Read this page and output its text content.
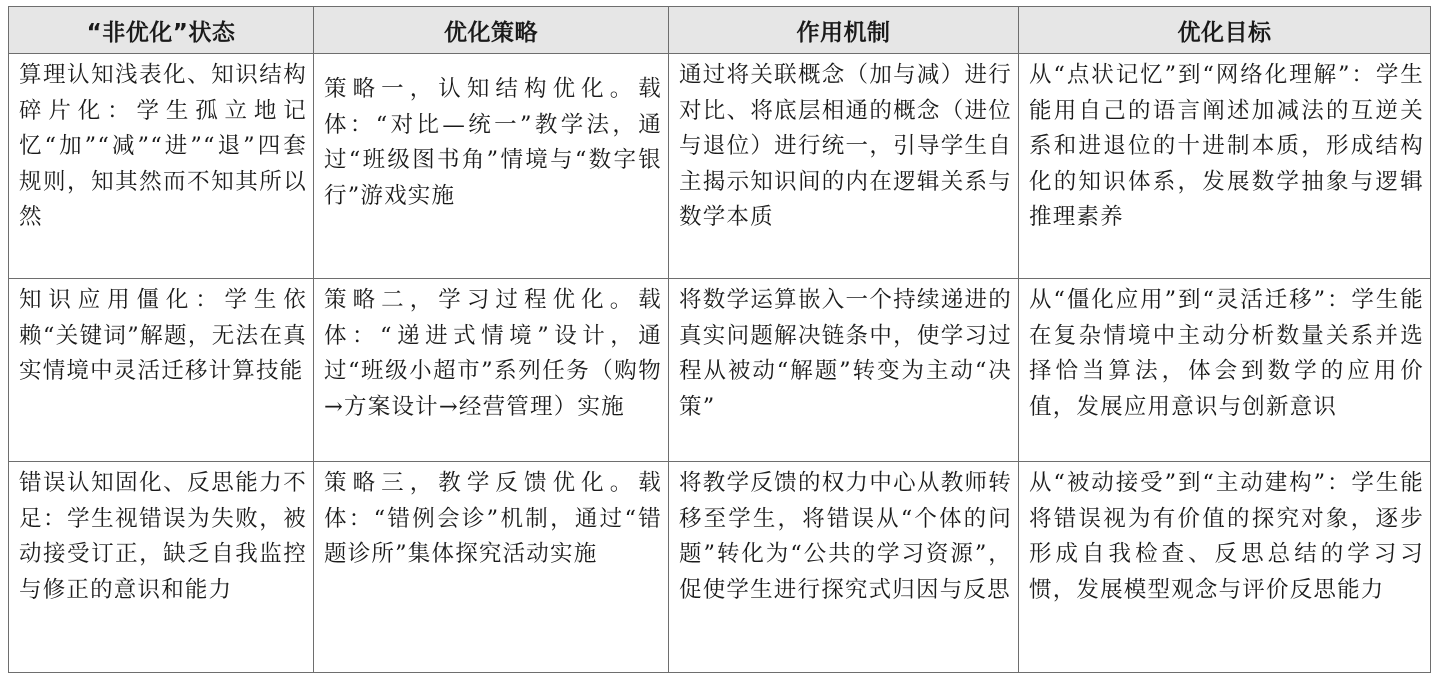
“非优化”状态	优化策略	作用机制	优化目标
算理认知浅表化、知识结构碎片化：学生孤立地记忆“加”“减”“进”“退”四套规则，知其然而不知其所以然	策略一，认知结构优化。载体：“对比—统一”教学法，通过“班级图书角”情境与“数字银行”游戏实施	通过将关联概念（加与减）进行对比、将底层相通的概念（进位与退位）进行统一，引导学生自主揭示知识间的内在逻辑关系与数学本质	从“点状记忆”到“网络化理解”：学生能用自己的语言阐述加减法的互逆关系和进退位的十进制本质，形成结构化的知识体系，发展数学抽象与逻辑推理素养
知识应用僵化：学生依赖“关键词”解题，无法在真实情境中灵活迁移计算技能	策略二，学习过程优化。载体：“递进式情境”设计，通过“班级小超市”系列任务（购物→方案设计→经营管理）实施	将数学运算嵌入一个持续递进的真实问题解决链条中，使学习过程从被动“解题”转变为主动“决策”	从“僵化应用”到“灵活迁移”：学生能在复杂情境中主动分析数量关系并选择恰当算法，体会到数学的应用价值，发展应用意识与创新意识
错误认知固化、反思能力不足：学生视错误为失败，被动接受订正，缺乏自我监控与修正的意识和能力	策略三，教学反馈优化。载体：“错例会诊”机制，通过“错题诊所”集体探究活动实施	将教学反馈的权力中心从教师转移至学生，将错误从“个体的问题”转化为“公共的学习资源”，促使学生进行探究式归因与反思	从“被动接受”到“主动建构”：学生能将错误视为有价值的探究对象，逐步形成自我检查、反思总结的学习习惯，发展模型观念与评价反思能力
